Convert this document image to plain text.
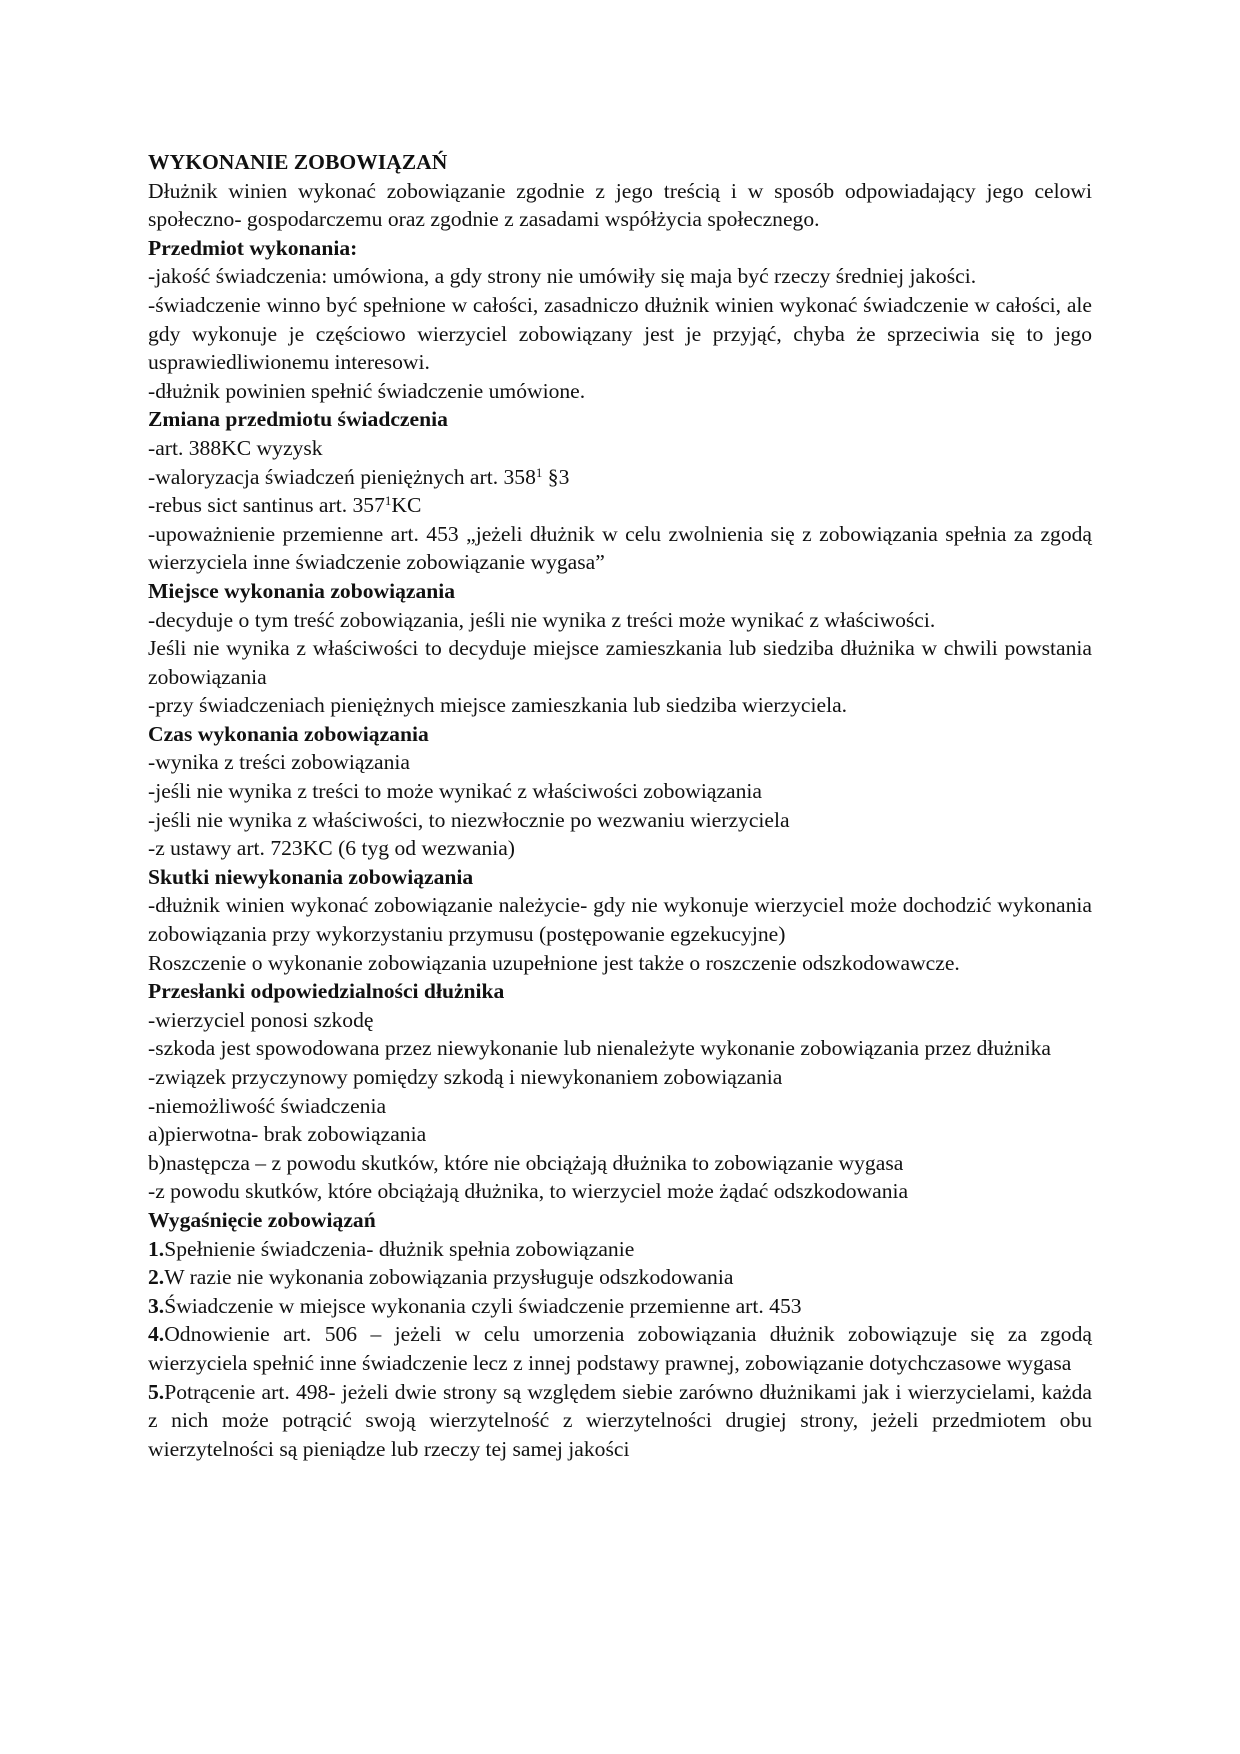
WYKONANIE ZOBOWIĄZAŃ

Dłużnik winien wykonać zobowiązanie zgodnie z jego treścią i w sposób odpowiadający jego celowi społeczno- gospodarczemu oraz zgodnie z zasadami współżycia społecznego.

Przedmiot wykonania:

-jakość świadczenia: umówiona, a gdy strony nie umówiły się maja być rzeczy średniej jakości.

-świadczenie winno być spełnione w całości, zasadniczo dłużnik winien wykonać świadczenie w całości, ale gdy wykonuje je częściowo wierzyciel zobowiązany jest je przyjąć, chyba że sprzeciwia się to jego usprawiedliwionemu interesowi.

-dłużnik powinien spełnić świadczenie umówione.

Zmiana przedmiotu świadczenia

-art. 388KC wyzysk

-waloryzacja świadczeń pieniężnych art. $358^1$ §3

-rebus sict santinus art. $357^1KC$

-upoważnienie przemienne art. 453 „jeżeli dłużnik w celu zwolnienia się z zobowiązania spełnia za zgodą wierzyciela inne świadczenie zobowiązanie wygasa”

Miejsce wykonania zobowiązania

-decyduje o tym treść zobowiązania, jeśli nie wynika z treści może wynikać z właściwości.

Jeśli nie wynika z właściwości to decyduje miejsce zamieszkania lub siedziba dłużnika w chwili powstania zobowiązania

-przy świadczeniach pieniężnych miejsce zamieszkania lub siedziba wierzyciela.

Czas wykonania zobowiązania

-wynika z treści zobowiązania

-jeśli nie wynika z treści to może wynikać z właściwości zobowiązania

-jeśli nie wynika z właściwości, to niezwłocznie po wezwaniu wierzyciela

-z ustawy art. 723KC (6 tyg od wezwania)

Skutki niewykonania zobowiązania

-dłużnik winien wykonać zobowiązanie należycie- gdy nie wykonuje wierzyciel może dochodzić wykonania zobowiązania przy wykorzystaniu przymusu (postępowanie egzekucyjne)

Roszczenie o wykonanie zobowiązania uzupełnione jest także o roszczenie odszkodowawcze.

Przesłanki odpowiedzialności dłużnika

-wierzyciel ponosi szkodę

-szkoda jest spowodowana przez niewykonanie lub nienależyte wykonanie zobowiązania przez dłużnika

-związek przyczynowy pomiędzy szkodą i niewykonaniem zobowiązania

-niemożliwość świadczenia

a)pierwotna- brak zobowiązania

b)następcza – z powodu skutków, które nie obciążają dłużnika to zobowiązanie wygasa

-z powodu skutków, które obciążają dłużnika, to wierzyciel może żądać odszkodowania

Wygaśnięcie zobowiązań

1.Spełnienie świadczenia- dłużnik spełnia zobowiązanie

2.W razie nie wykonania zobowiązania przysługuje odszkodowania

3.Świadczenie w miejsce wykonania czyli świadczenie przemienne art. 453

4.Odnowienie art. 506 – jeżeli w celu umorzenia zobowiązania dłużnik zobowiązuje się za zgodą wierzyciela spełnić inne świadczenie lecz z innej podstawy prawnej, zobowiązanie dotychczasowe wygasa

5.Potrącenie art. 498- jeżeli dwie strony są względem siebie zarówno dłużnikami jak i wierzycielami, każda z nich może potrącić swoją wierzytelność z wierzytelności drugiej strony, jeżeli przedmiotem obu wierzytelności są pieniądze lub rzeczy tej samej jakości
